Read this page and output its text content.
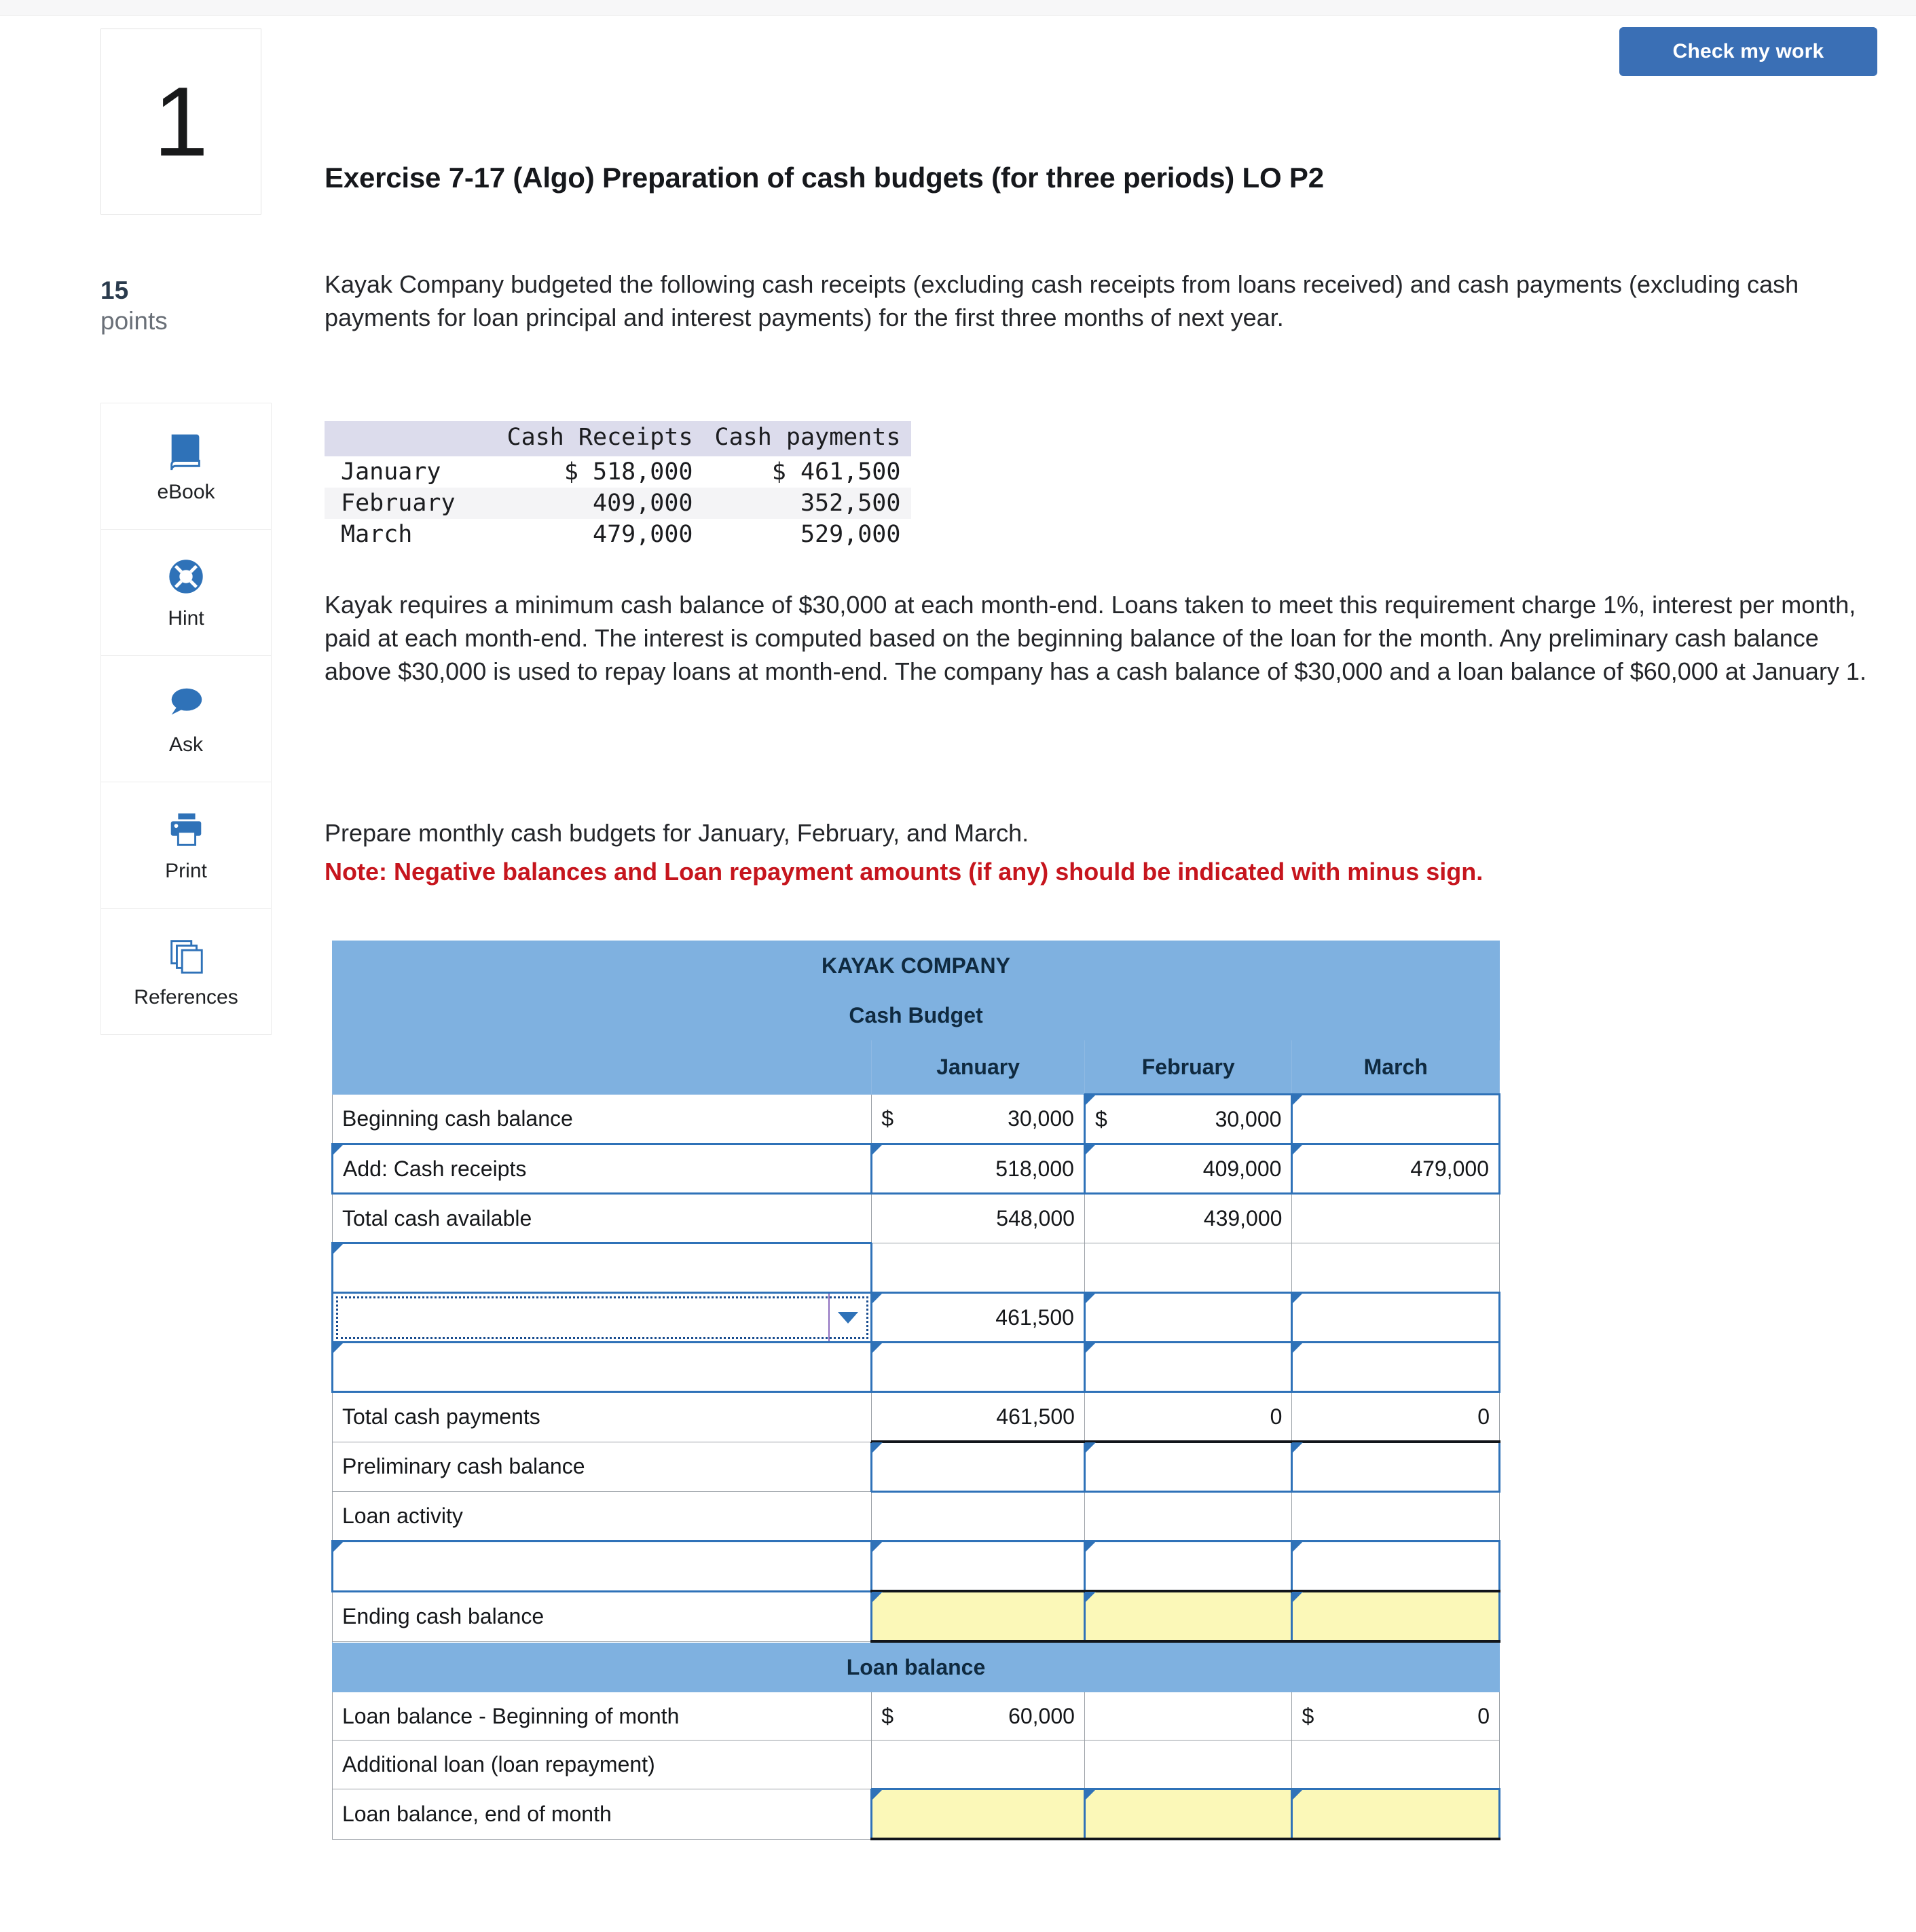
Check my work
1
15
points
eBook
Hint
Ask
Print
References
Exercise 7-17 (Algo) Preparation of cash budgets (for three periods) LO P2
Kayak Company budgeted the following cash receipts (excluding cash receipts from loans received) and cash payments (excluding cash payments for loan principal and interest payments) for the first three months of next year.
	Cash Receipts	Cash payments
January	$ 518,000	$ 461,500
February	409,000	352,500
March	479,000	529,000
Kayak requires a minimum cash balance of $30,000 at each month-end. Loans taken to meet this requirement charge 1%, interest per month, paid at each month-end. The interest is computed based on the beginning balance of the loan for the month. Any preliminary cash balance above $30,000 is used to repay loans at month-end. The company has a cash balance of $30,000 and a loan balance of $60,000 at January 1.
Prepare monthly cash budgets for January, February, and March.
Note: Negative balances and Loan repayment amounts (if any) should be indicated with minus sign.
KAYAK COMPANY			
Cash Budget			
	January	February	March
Beginning cash balance	$ 30,000	$ 30,000	
Add: Cash receipts	518,000	409,000	479,000
Total cash available	548,000	439,000	

	461,500		

Total cash payments	461,500	0	0
Preliminary cash balance			
Loan activity			

Ending cash balance			
Loan balance			
Loan balance - Beginning of month	$ 60,000		$ 0
Additional loan (loan repayment)			
Loan balance, end of month			
